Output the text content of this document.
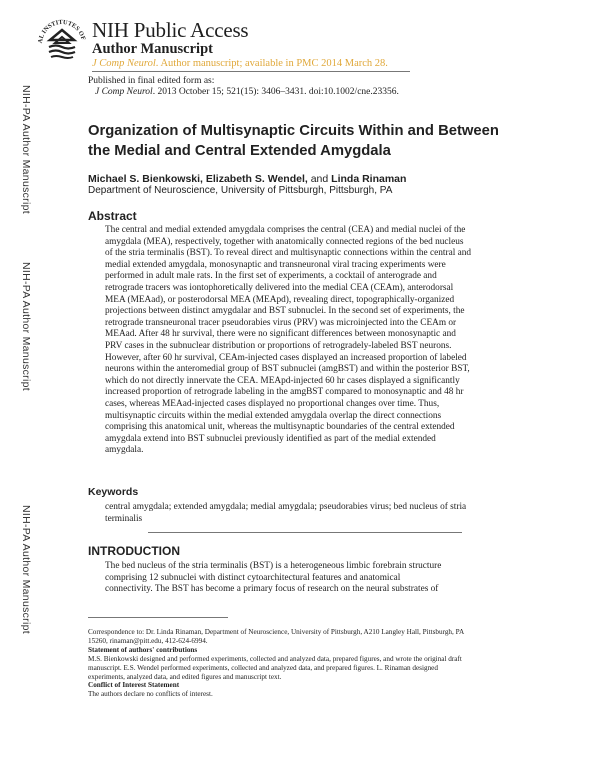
AL INSTITUTES OF NIH Public Access
Author Manuscript
J Comp Neurol. Author manuscript; available in PMC 2014 March 28.
Published in final edited form as:
J Comp Neurol. 2013 October 15; 521(15): 3406–3431. doi:10.1002/cne.23356.
NIH-PA Author Manuscript
NIH-PA Author Manuscript
NIH-PA Author Manuscript
Organization of Multisynaptic Circuits Within and Between the Medial and Central Extended Amygdala
Michael S. Bienkowski, Elizabeth S. Wendel, and Linda Rinaman
Department of Neuroscience, University of Pittsburgh, Pittsburgh, PA
Abstract
The central and medial extended amygdala comprises the central (CEA) and medial nuclei of the
amygdala (MEA), respectively, together with anatomically connected regions of the bed nucleus
of the stria terminalis (BST). To reveal direct and multisynaptic connections within the central and
medial extended amygdala, monosynaptic and transneuronal viral tracing experiments were
performed in adult male rats. In the first set of experiments, a cocktail of anterograde and
retrograde tracers was iontophoretically delivered into the medial CEA (CEAm), anterodorsal
MEA (MEAad), or posterodorsal MEA (MEApd), revealing direct, topographically-organized
projections between distinct amygdalar and BST subnuclei. In the second set of experiments, the
retrograde transneuronal tracer pseudorabies virus (PRV) was microinjected into the CEAm or
MEAad. After 48 hr survival, there were no significant differences between monosynaptic and
PRV cases in the subnuclear distribution or proportions of retrogradely-labeled BST neurons.
However, after 60 hr survival, CEAm-injected cases displayed an increased proportion of labeled
neurons within the anteromedial group of BST subnuclei (amgBST) and within the posterior BST,
which do not directly innervate the CEA. MEApd-injected 60 hr cases displayed a significantly
increased proportion of retrograde labeling in the amgBST compared to monosynaptic and 48 hr
cases, whereas MEAad-injected cases displayed no proportional changes over time. Thus,
multisynaptic circuits within the medial extended amygdala overlap the direct connections
comprising this anatomical unit, whereas the multisynaptic boundaries of the central extended
amygdala extend into BST subnuclei previously identified as part of the medial extended
amygdala.
Keywords
central amygdala; extended amygdala; medial amygdala; pseudorabies virus; bed nucleus of stria
terminalis
INTRODUCTION
The bed nucleus of the stria terminalis (BST) is a heterogeneous limbic forebrain structure
comprising 12 subnuclei with distinct cytoarchitectural features and anatomical
connectivity. The BST has become a primary focus of research on the neural substrates of
Correspondence to: Dr. Linda Rinaman, Department of Neuroscience, University of Pittsburgh, A210 Langley Hall, Pittsburgh, PA
15260, rinaman@pitt.edu, 412-624-6994.
Statement of authors' contributions
M.S. Bienkowski designed and performed experiments, collected and analyzed data, prepared figures, and wrote the original draft
manuscript. E.S. Wendel performed experiments, collected and analyzed data, and prepared figures. L. Rinaman designed
experiments, analyzed data, and edited figures and manuscript text.
Conflict of Interest Statement
The authors declare no conflicts of interest.
